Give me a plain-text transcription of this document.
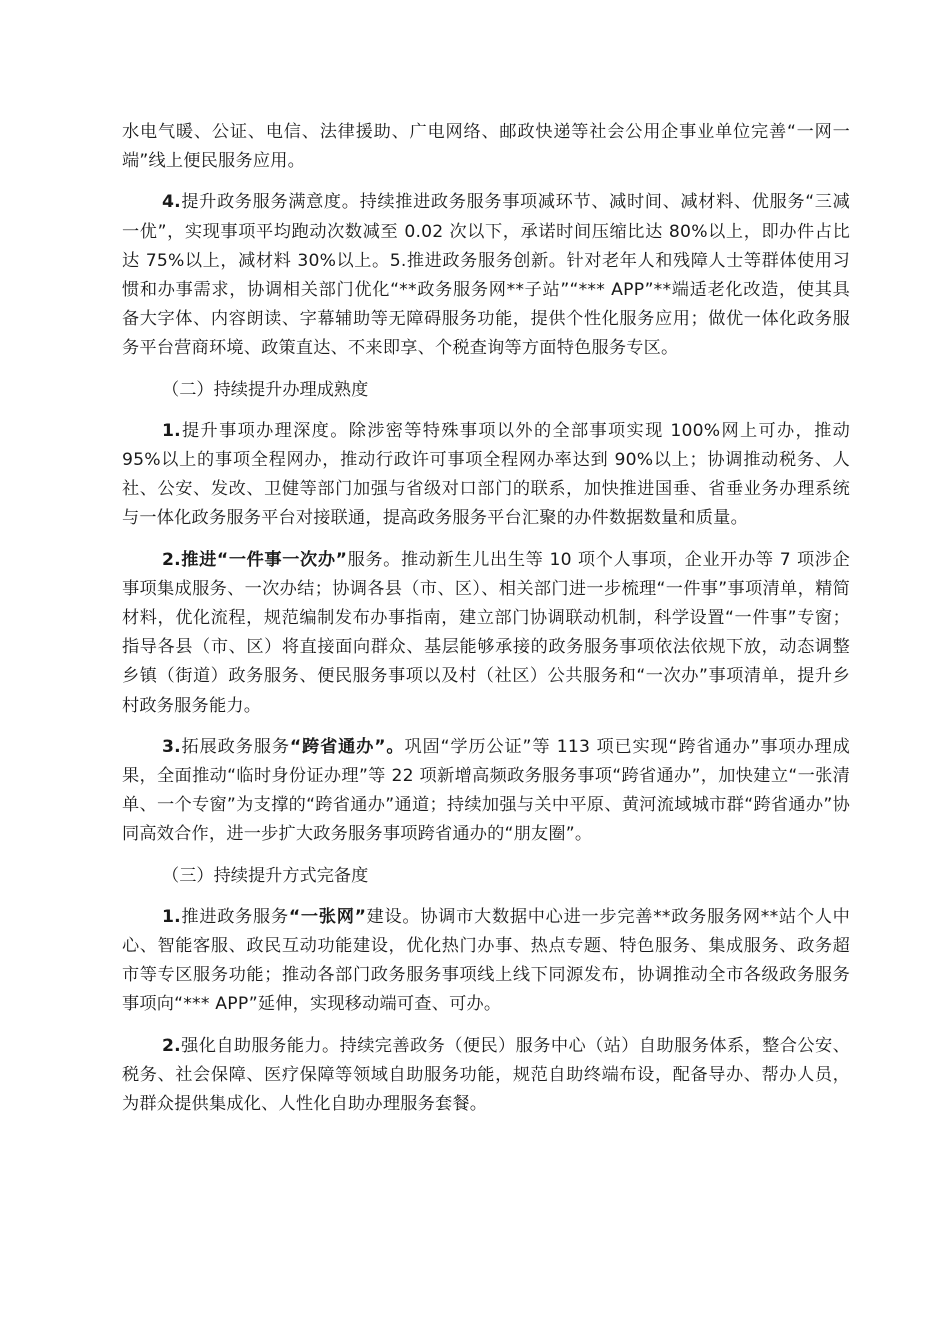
水电气暖、公证、电信、法律援助、广电网络、邮政快递等社会公用企事业单位完善“一网一端”线上便民服务应用。

4.提升政务服务满意度。持续推进政务服务事项减环节、减时间、减材料、优服务“三减一优”，实现事项平均跑动次数减至 0.02 次以下，承诺时间压缩比达 80%以上，即办件占比达 75%以上，减材料 30%以上。5.推进政务服务创新。针对老年人和残障人士等群体使用习惯和办事需求，协调相关部门优化“**政务服务网**子站”“*** APP”**端适老化改造，使其具备大字体、内容朗读、字幕辅助等无障碍服务功能，提供个性化服务应用；做优一体化政务服务平台营商环境、政策直达、不来即享、个税查询等方面特色服务专区。

（二）持续提升办理成熟度

1.提升事项办理深度。除涉密等特殊事项以外的全部事项实现 100%网上可办，推动 95%以上的事项全程网办，推动行政许可事项全程网办率达到 90%以上；协调推动税务、人社、公安、发改、卫健等部门加强与省级对口部门的联系，加快推进国垂、省垂业务办理系统与一体化政务服务平台对接联通，提高政务服务平台汇聚的办件数据数量和质量。

2.推进“一件事一次办”服务。推动新生儿出生等 10 项个人事项，企业开办等 7 项涉企事项集成服务、一次办结；协调各县（市、区）、相关部门进一步梳理“一件事”事项清单，精简材料，优化流程，规范编制发布办事指南，建立部门协调联动机制，科学设置“一件事”专窗；指导各县（市、区）将直接面向群众、基层能够承接的政务服务事项依法依规下放，动态调整乡镇（街道）政务服务、便民服务事项以及村（社区）公共服务和“一次办”事项清单，提升乡村政务服务能力。

3.拓展政务服务“跨省通办”。巩固“学历公证”等 113 项已实现“跨省通办”事项办理成果，全面推动“临时身份证办理”等 22 项新增高频政务服务事项“跨省通办”，加快建立“一张清单、一个专窗”为支撑的“跨省通办”通道；持续加强与关中平原、黄河流域城市群“跨省通办”协同高效合作，进一步扩大政务服务事项跨省通办的“朋友圈”。

（三）持续提升方式完备度

1.推进政务服务“一张网”建设。协调市大数据中心进一步完善**政务服务网**站个人中心、智能客服、政民互动功能建设，优化热门办事、热点专题、特色服务、集成服务、政务超市等专区服务功能；推动各部门政务服务事项线上线下同源发布，协调推动全市各级政务服务事项向“*** APP”延伸，实现移动端可查、可办。

2.强化自助服务能力。持续完善政务（便民）服务中心（站）自助服务体系，整合公安、税务、社会保障、医疗保障等领域自助服务功能，规范自助终端布设，配备导办、帮办人员，为群众提供集成化、人性化自助办理服务套餐。
